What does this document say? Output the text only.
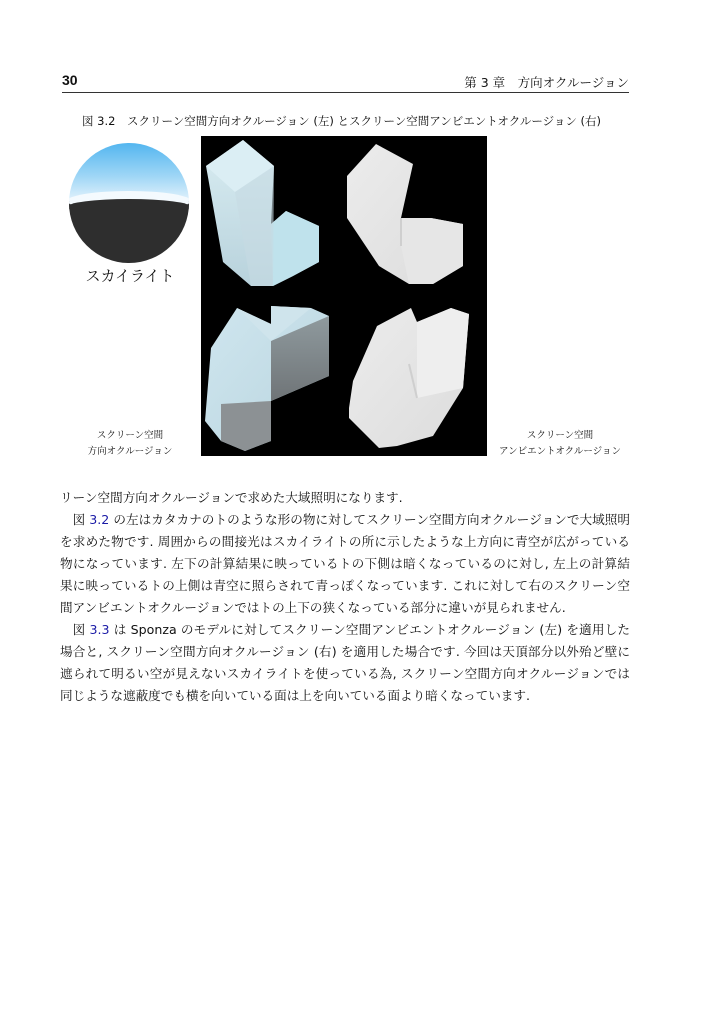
30	第 3 章　方向オクルージョン
図 3.2　スクリーン空間方向オクルージョン (左) とスクリーン空間アンビエントオクルージョン (右)
スカイライト
スクリーン空間
方向オクルージョン
スクリーン空間
アンビエントオクルージョン

リーン空間方向オクルージョンで求めた大域照明になります.

図 3.2 の左はカタカナのトのような形の物に対してスクリーン空間方向オクルージョンで大域照明を求めた物です. 周囲からの間接光はスカイライトの所に示したような上方向に青空が広がっている物になっています. 左下の計算結果に映っているトの下側は暗くなっているのに対し, 左上の計算結果に映っているトの上側は青空に照らされて青っぽくなっています. これに対して右のスクリーン空間アンビエントオクルージョンではトの上下の狭くなっている部分に違いが見られません.

図 3.3 は Sponza のモデルに対してスクリーン空間アンビエントオクルージョン (左) を適用した場合と, スクリーン空間方向オクルージョン (右) を適用した場合です. 今回は天頂部分以外殆ど壁に遮られて明るい空が見えないスカイライトを使っている為, スクリーン空間方向オクルージョンでは同じような遮蔽度でも横を向いている面は上を向いている面より暗くなっています.
